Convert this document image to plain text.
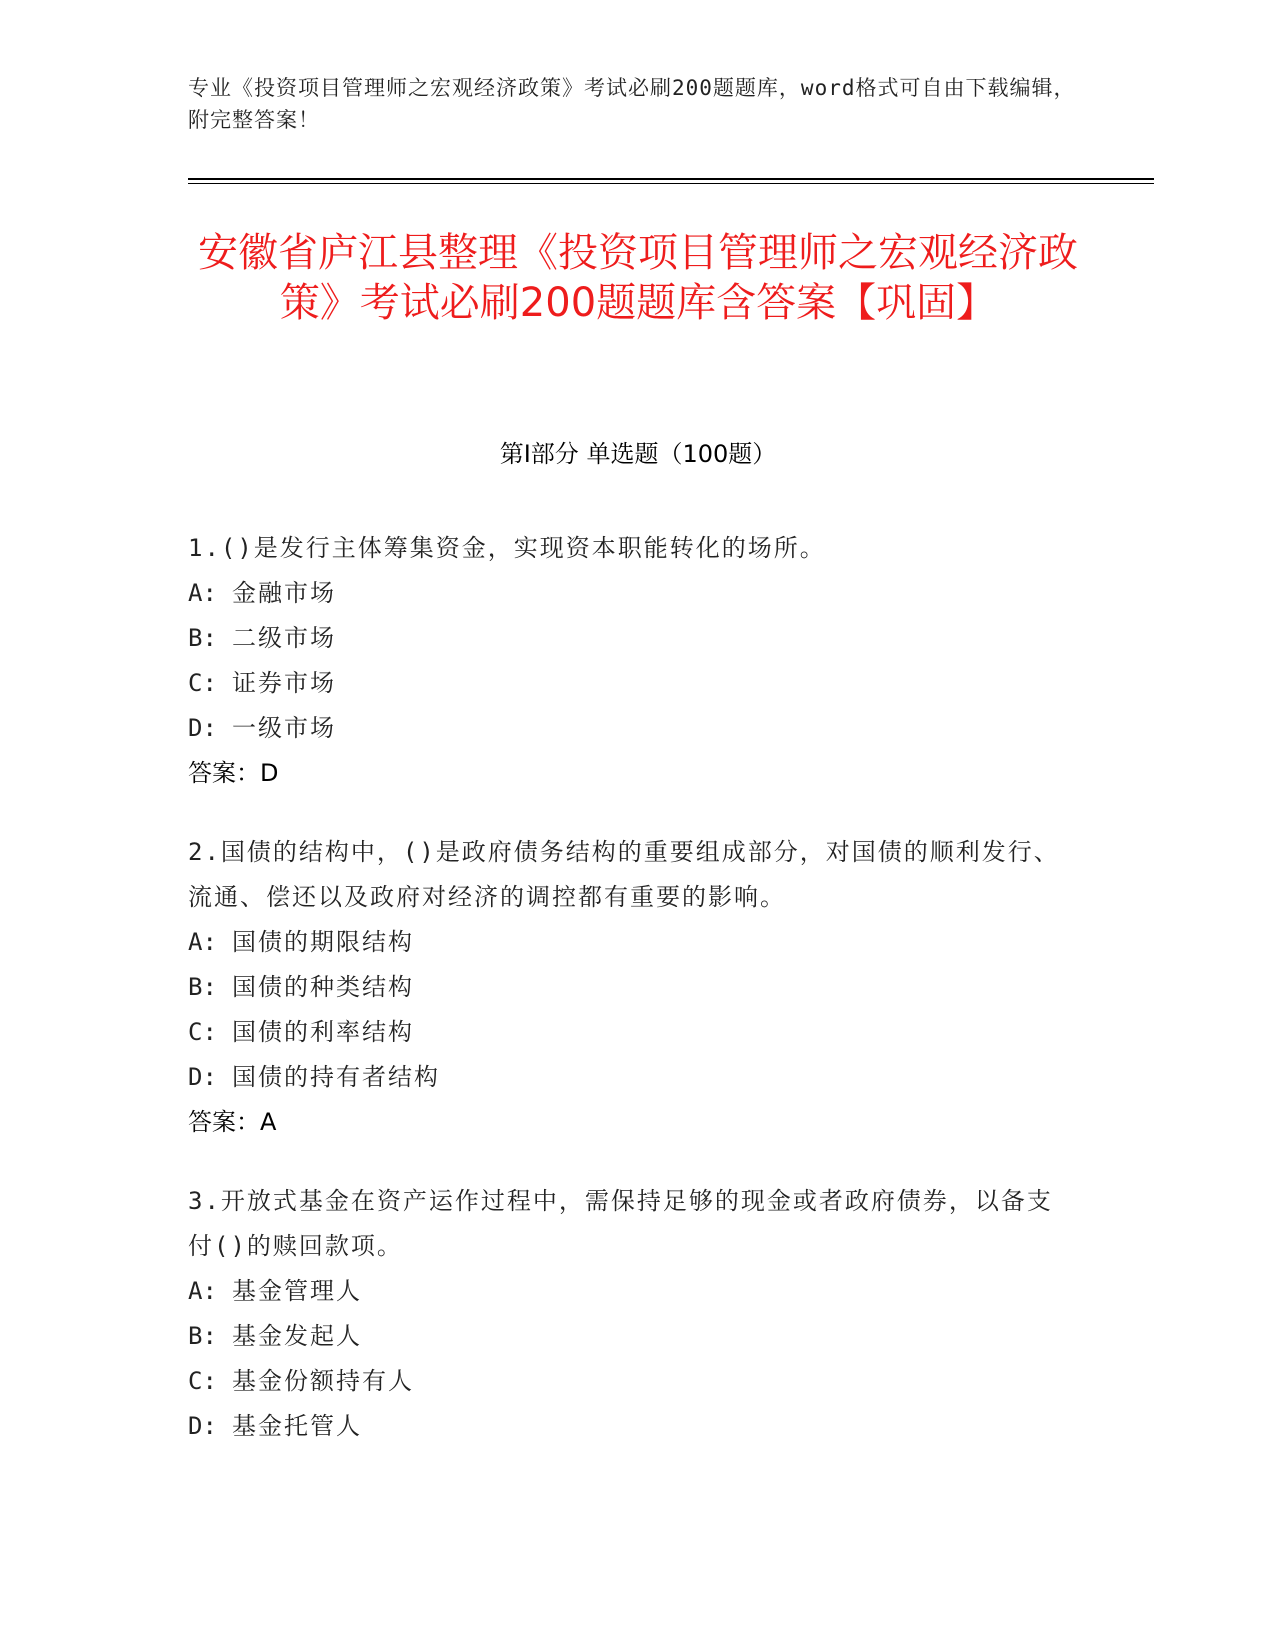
专业《投资项目管理师之宏观经济政策》考试必刷200题题库，word格式可自由下载编辑，附完整答案！
安徽省庐江县整理《投资项目管理师之宏观经济政策》考试必刷200题题库含答案【巩固】
第Ⅰ部分 单选题（100题）
1.()是发行主体筹集资金，实现资本职能转化的场所。
A: 金融市场
B: 二级市场
C: 证券市场
D: 一级市场
答案：D
2.国债的结构中，()是政府债务结构的重要组成部分，对国债的顺利发行、流通、偿还以及政府对经济的调控都有重要的影响。
A: 国债的期限结构
B: 国债的种类结构
C: 国债的利率结构
D: 国债的持有者结构
答案：A
3.开放式基金在资产运作过程中，需保持足够的现金或者政府债券，以备支付()的赎回款项。
A: 基金管理人
B: 基金发起人
C: 基金份额持有人
D: 基金托管人
